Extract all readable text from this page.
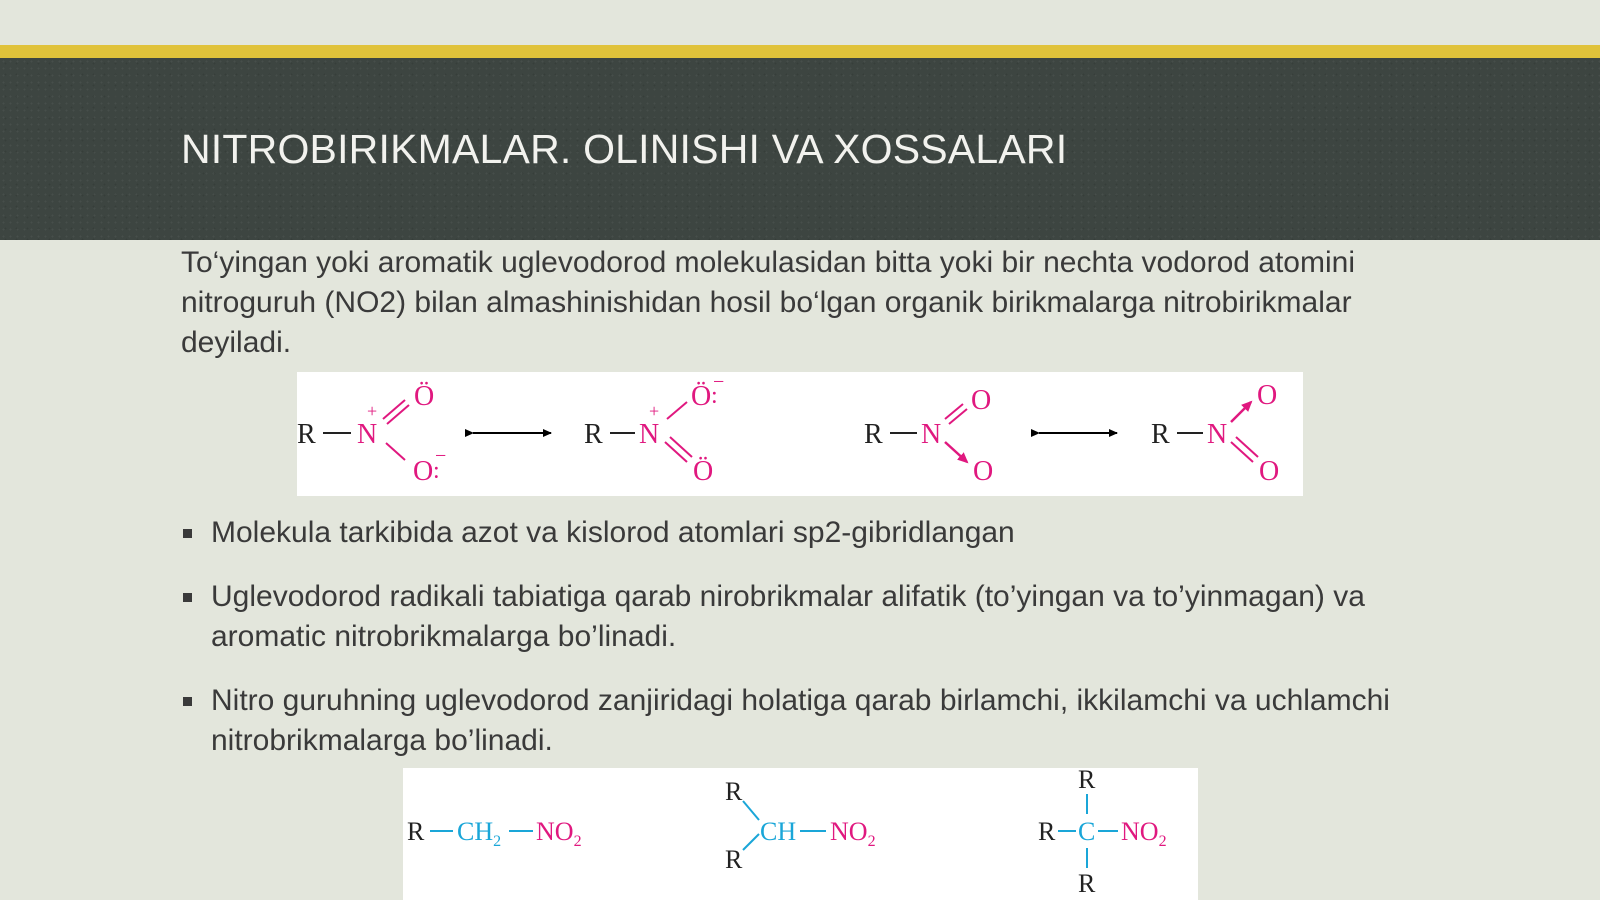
NITROBIRIKMALAR. OLINISHI VA XOSSALARI
To‘yingan yoki aromatik uglevodorod molekulasidan bitta yoki bir nechta vodorod atomini nitroguruh (NO2) bilan almashinishidan hosil bo‘lgan organik birikmalarga nitrobirikmalar deyiladi.
R N
+ Ö
O :
−
R N
+ Ö :
−
Ö
R N
O
O
R N
O
O
Molekula tarkibida azot va kislorod atomlari sp2-gibridlangan
Uglevodorod radikali tabiatiga qarab nirobrikmalar alifatik (to’yingan va to’yinmagan) va aromatic nitrobrikmalarga bo’linadi.
Nitro guruhning uglevodorod zanjiridagi holatiga qarab birlamchi, ikkilamchi va uchlamchi nitrobrikmalarga bo’linadi.
R $CH_2$ $NO_2$
R
R
CH $NO_2$
R
R C $NO_2$
R
